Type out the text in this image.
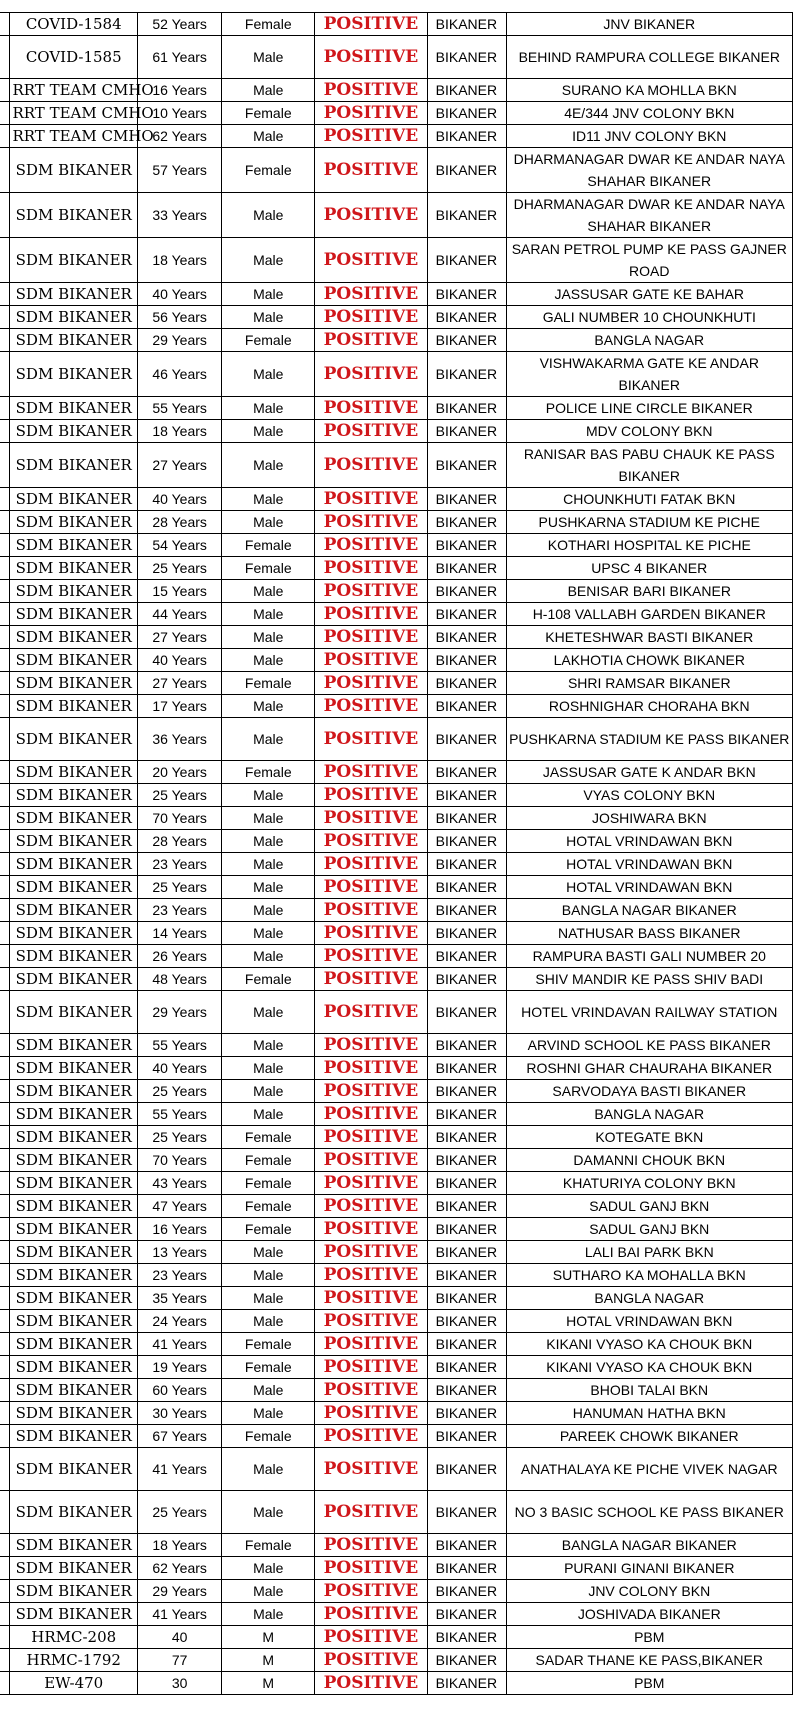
	COVID-1584	52 Years	Female	POSITIVE	BIKANER	JNV BIKANER
	COVID-1585	61 Years	Male	POSITIVE	BIKANER	BEHIND RAMPURA COLLEGE BIKANER
	RRT TEAM CMHO	16 Years	Male	POSITIVE	BIKANER	SURANO KA MOHLLA BKN
	RRT TEAM CMHO	10 Years	Female	POSITIVE	BIKANER	4E/344 JNV COLONY BKN
	RRT TEAM CMHO	62 Years	Male	POSITIVE	BIKANER	ID11 JNV COLONY BKN
	SDM BIKANER	57 Years	Female	POSITIVE	BIKANER	DHARMANAGAR DWAR KE ANDAR NAYA SHAHAR BIKANER
	SDM BIKANER	33 Years	Male	POSITIVE	BIKANER	DHARMANAGAR DWAR KE ANDAR NAYA SHAHAR BIKANER
	SDM BIKANER	18 Years	Male	POSITIVE	BIKANER	SARAN PETROL PUMP KE PASS GAJNER ROAD
	SDM BIKANER	40 Years	Male	POSITIVE	BIKANER	JASSUSAR GATE KE BAHAR
	SDM BIKANER	56 Years	Male	POSITIVE	BIKANER	GALI NUMBER 10 CHOUNKHUTI
	SDM BIKANER	29 Years	Female	POSITIVE	BIKANER	BANGLA NAGAR
	SDM BIKANER	46 Years	Male	POSITIVE	BIKANER	VISHWAKARMA GATE KE ANDAR BIKANER
	SDM BIKANER	55 Years	Male	POSITIVE	BIKANER	POLICE LINE CIRCLE BIKANER
	SDM BIKANER	18 Years	Male	POSITIVE	BIKANER	MDV COLONY BKN
	SDM BIKANER	27 Years	Male	POSITIVE	BIKANER	RANISAR BAS PABU CHAUK KE PASS BIKANER
	SDM BIKANER	40 Years	Male	POSITIVE	BIKANER	CHOUNKHUTI FATAK BKN
	SDM BIKANER	28 Years	Male	POSITIVE	BIKANER	PUSHKARNA STADIUM KE PICHE
	SDM BIKANER	54 Years	Female	POSITIVE	BIKANER	KOTHARI HOSPITAL KE PICHE
	SDM BIKANER	25 Years	Female	POSITIVE	BIKANER	UPSC 4 BIKANER
	SDM BIKANER	15 Years	Male	POSITIVE	BIKANER	BENISAR BARI BIKANER
	SDM BIKANER	44 Years	Male	POSITIVE	BIKANER	H-108 VALLABH GARDEN BIKANER
	SDM BIKANER	27 Years	Male	POSITIVE	BIKANER	KHETESHWAR BASTI BIKANER
	SDM BIKANER	40 Years	Male	POSITIVE	BIKANER	LAKHOTIA CHOWK BIKANER
	SDM BIKANER	27 Years	Female	POSITIVE	BIKANER	SHRI RAMSAR BIKANER
	SDM BIKANER	17 Years	Male	POSITIVE	BIKANER	ROSHNIGHAR CHORAHA BKN
	SDM BIKANER	36 Years	Male	POSITIVE	BIKANER	PUSHKARNA STADIUM KE PASS BIKANER
	SDM BIKANER	20 Years	Female	POSITIVE	BIKANER	JASSUSAR GATE K ANDAR BKN
	SDM BIKANER	25 Years	Male	POSITIVE	BIKANER	VYAS COLONY BKN
	SDM BIKANER	70 Years	Male	POSITIVE	BIKANER	JOSHIWARA BKN
	SDM BIKANER	28 Years	Male	POSITIVE	BIKANER	HOTAL VRINDAWAN BKN
	SDM BIKANER	23 Years	Male	POSITIVE	BIKANER	HOTAL VRINDAWAN BKN
	SDM BIKANER	25 Years	Male	POSITIVE	BIKANER	HOTAL VRINDAWAN BKN
	SDM BIKANER	23 Years	Male	POSITIVE	BIKANER	BANGLA NAGAR BIKANER
	SDM BIKANER	14 Years	Male	POSITIVE	BIKANER	NATHUSAR BASS BIKANER
	SDM BIKANER	26 Years	Male	POSITIVE	BIKANER	RAMPURA BASTI GALI NUMBER 20
	SDM BIKANER	48 Years	Female	POSITIVE	BIKANER	SHIV MANDIR KE PASS SHIV BADI
	SDM BIKANER	29 Years	Male	POSITIVE	BIKANER	HOTEL VRINDAVAN RAILWAY STATION
	SDM BIKANER	55 Years	Male	POSITIVE	BIKANER	ARVIND SCHOOL KE PASS BIKANER
	SDM BIKANER	40 Years	Male	POSITIVE	BIKANER	ROSHNI GHAR CHAURAHA BIKANER
	SDM BIKANER	25 Years	Male	POSITIVE	BIKANER	SARVODAYA BASTI BIKANER
	SDM BIKANER	55 Years	Male	POSITIVE	BIKANER	BANGLA NAGAR
	SDM BIKANER	25 Years	Female	POSITIVE	BIKANER	KOTEGATE BKN
	SDM BIKANER	70 Years	Female	POSITIVE	BIKANER	DAMANNI CHOUK BKN
	SDM BIKANER	43 Years	Female	POSITIVE	BIKANER	KHATURIYA COLONY BKN
	SDM BIKANER	47 Years	Female	POSITIVE	BIKANER	SADUL GANJ BKN
	SDM BIKANER	16 Years	Female	POSITIVE	BIKANER	SADUL GANJ BKN
	SDM BIKANER	13 Years	Male	POSITIVE	BIKANER	LALI BAI PARK BKN
	SDM BIKANER	23 Years	Male	POSITIVE	BIKANER	SUTHARO KA MOHALLA BKN
	SDM BIKANER	35 Years	Male	POSITIVE	BIKANER	BANGLA NAGAR
	SDM BIKANER	24 Years	Male	POSITIVE	BIKANER	HOTAL VRINDAWAN BKN
	SDM BIKANER	41 Years	Female	POSITIVE	BIKANER	KIKANI VYASO KA CHOUK BKN
	SDM BIKANER	19 Years	Female	POSITIVE	BIKANER	KIKANI VYASO KA CHOUK BKN
	SDM BIKANER	60 Years	Male	POSITIVE	BIKANER	BHOBI TALAI BKN
	SDM BIKANER	30 Years	Male	POSITIVE	BIKANER	HANUMAN HATHA BKN
	SDM BIKANER	67 Years	Female	POSITIVE	BIKANER	PAREEK CHOWK BIKANER
	SDM BIKANER	41 Years	Male	POSITIVE	BIKANER	ANATHALAYA KE PICHE VIVEK NAGAR
	SDM BIKANER	25 Years	Male	POSITIVE	BIKANER	NO 3 BASIC SCHOOL KE PASS BIKANER
	SDM BIKANER	18 Years	Female	POSITIVE	BIKANER	BANGLA NAGAR BIKANER
	SDM BIKANER	62 Years	Male	POSITIVE	BIKANER	PURANI GINANI BIKANER
	SDM BIKANER	29 Years	Male	POSITIVE	BIKANER	JNV COLONY BKN
	SDM BIKANER	41 Years	Male	POSITIVE	BIKANER	JOSHIVADA BIKANER
	HRMC-208	40	M	POSITIVE	BIKANER	PBM
	HRMC-1792	77	M	POSITIVE	BIKANER	SADAR THANE KE PASS,BIKANER
	EW-470	30	M	POSITIVE	BIKANER	PBM
